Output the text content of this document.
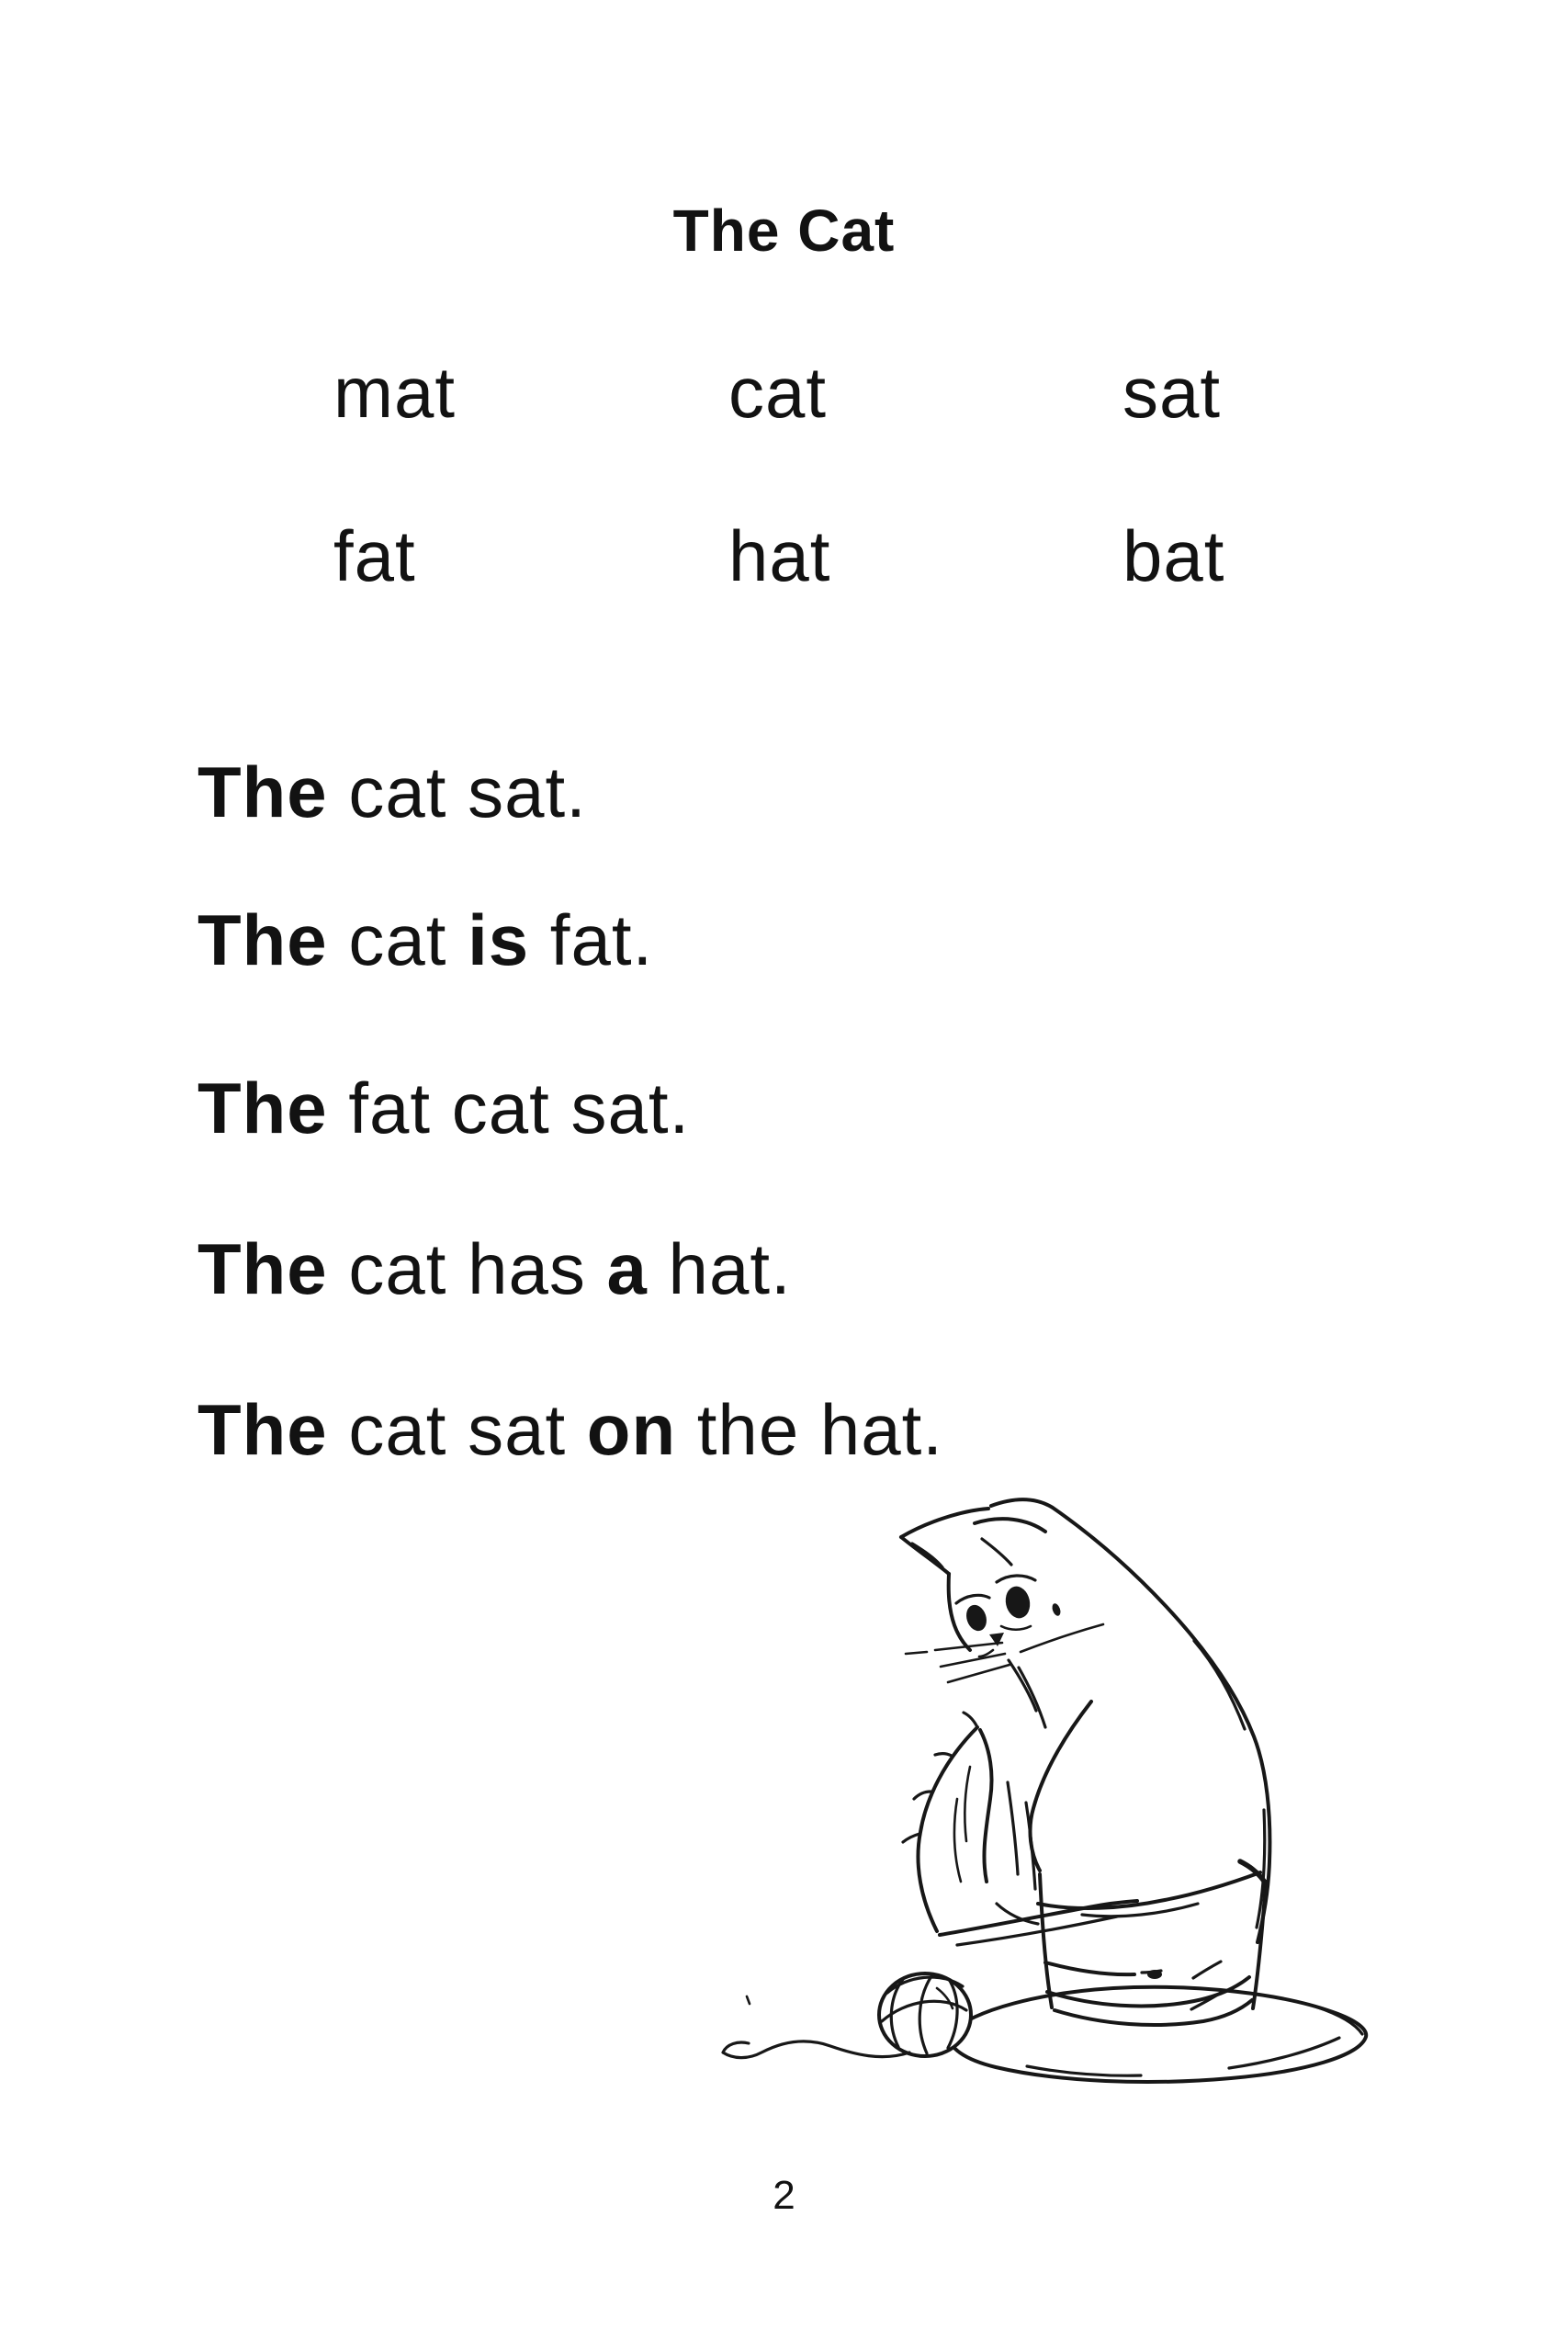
The Cat
mat	cat	sat
fat	hat	bat
The cat sat.
The cat is fat.
The fat cat sat.
The cat has a hat.
The cat sat on the hat.
2
